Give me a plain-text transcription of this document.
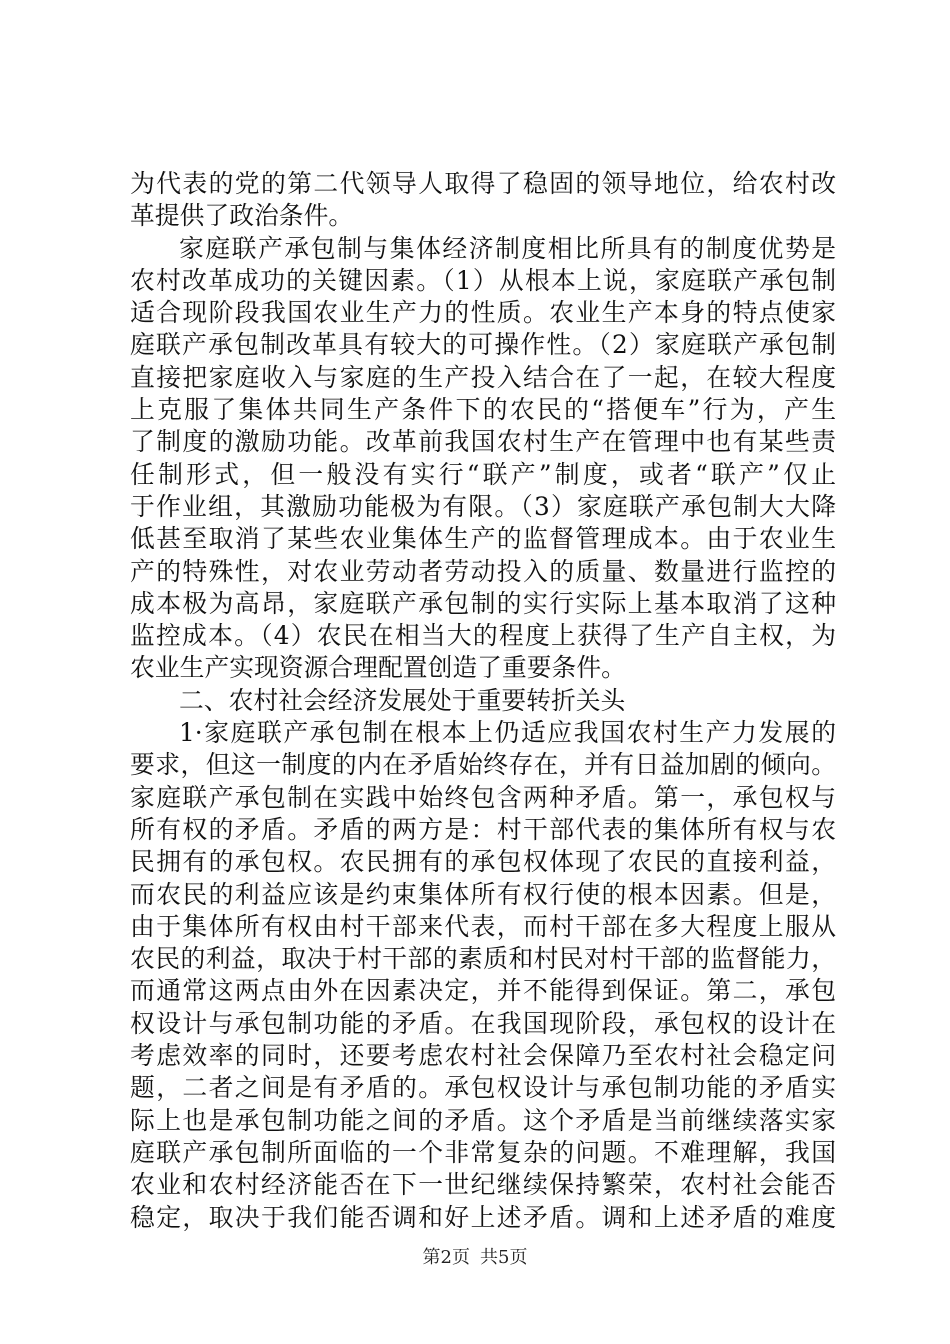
为代表的党的第二代领导人取得了稳固的领导地位，给农村改
革提供了政治条件。
家庭联产承包制与集体经济制度相比所具有的制度优势是
农村改革成功的关键因素。（1）从根本上说，家庭联产承包制
适合现阶段我国农业生产力的性质。农业生产本身的特点使家
庭联产承包制改革具有较大的可操作性。（2）家庭联产承包制
直接把家庭收入与家庭的生产投入结合在了一起，在较大程度
上克服了集体共同生产条件下的农民的“搭便车”行为，产生
了制度的激励功能。改革前我国农村生产在管理中也有某些责
任制形式，但一般没有实行“联产”制度，或者“联产”仅止
于作业组，其激励功能极为有限。（3）家庭联产承包制大大降
低甚至取消了某些农业集体生产的监督管理成本。由于农业生
产的特殊性，对农业劳动者劳动投入的质量、数量进行监控的
成本极为高昂，家庭联产承包制的实行实际上基本取消了这种
监控成本。（4）农民在相当大的程度上获得了生产自主权，为
农业生产实现资源合理配置创造了重要条件。
二、农村社会经济发展处于重要转折关头
1·家庭联产承包制在根本上仍适应我国农村生产力发展的
要求，但这一制度的内在矛盾始终存在，并有日益加剧的倾向。
家庭联产承包制在实践中始终包含两种矛盾。第一，承包权与
所有权的矛盾。矛盾的两方是：村干部代表的集体所有权与农
民拥有的承包权。农民拥有的承包权体现了农民的直接利益，
而农民的利益应该是约束集体所有权行使的根本因素。但是，
由于集体所有权由村干部来代表，而村干部在多大程度上服从
农民的利益，取决于村干部的素质和村民对村干部的监督能力，
而通常这两点由外在因素决定，并不能得到保证。第二，承包
权设计与承包制功能的矛盾。在我国现阶段，承包权的设计在
考虑效率的同时，还要考虑农村社会保障乃至农村社会稳定问
题，二者之间是有矛盾的。承包权设计与承包制功能的矛盾实
际上也是承包制功能之间的矛盾。这个矛盾是当前继续落实家
庭联产承包制所面临的一个非常复杂的问题。不难理解，我国
农业和农村经济能否在下一世纪继续保持繁荣，农村社会能否
稳定，取决于我们能否调和好上述矛盾。调和上述矛盾的难度
第2页 共5页
